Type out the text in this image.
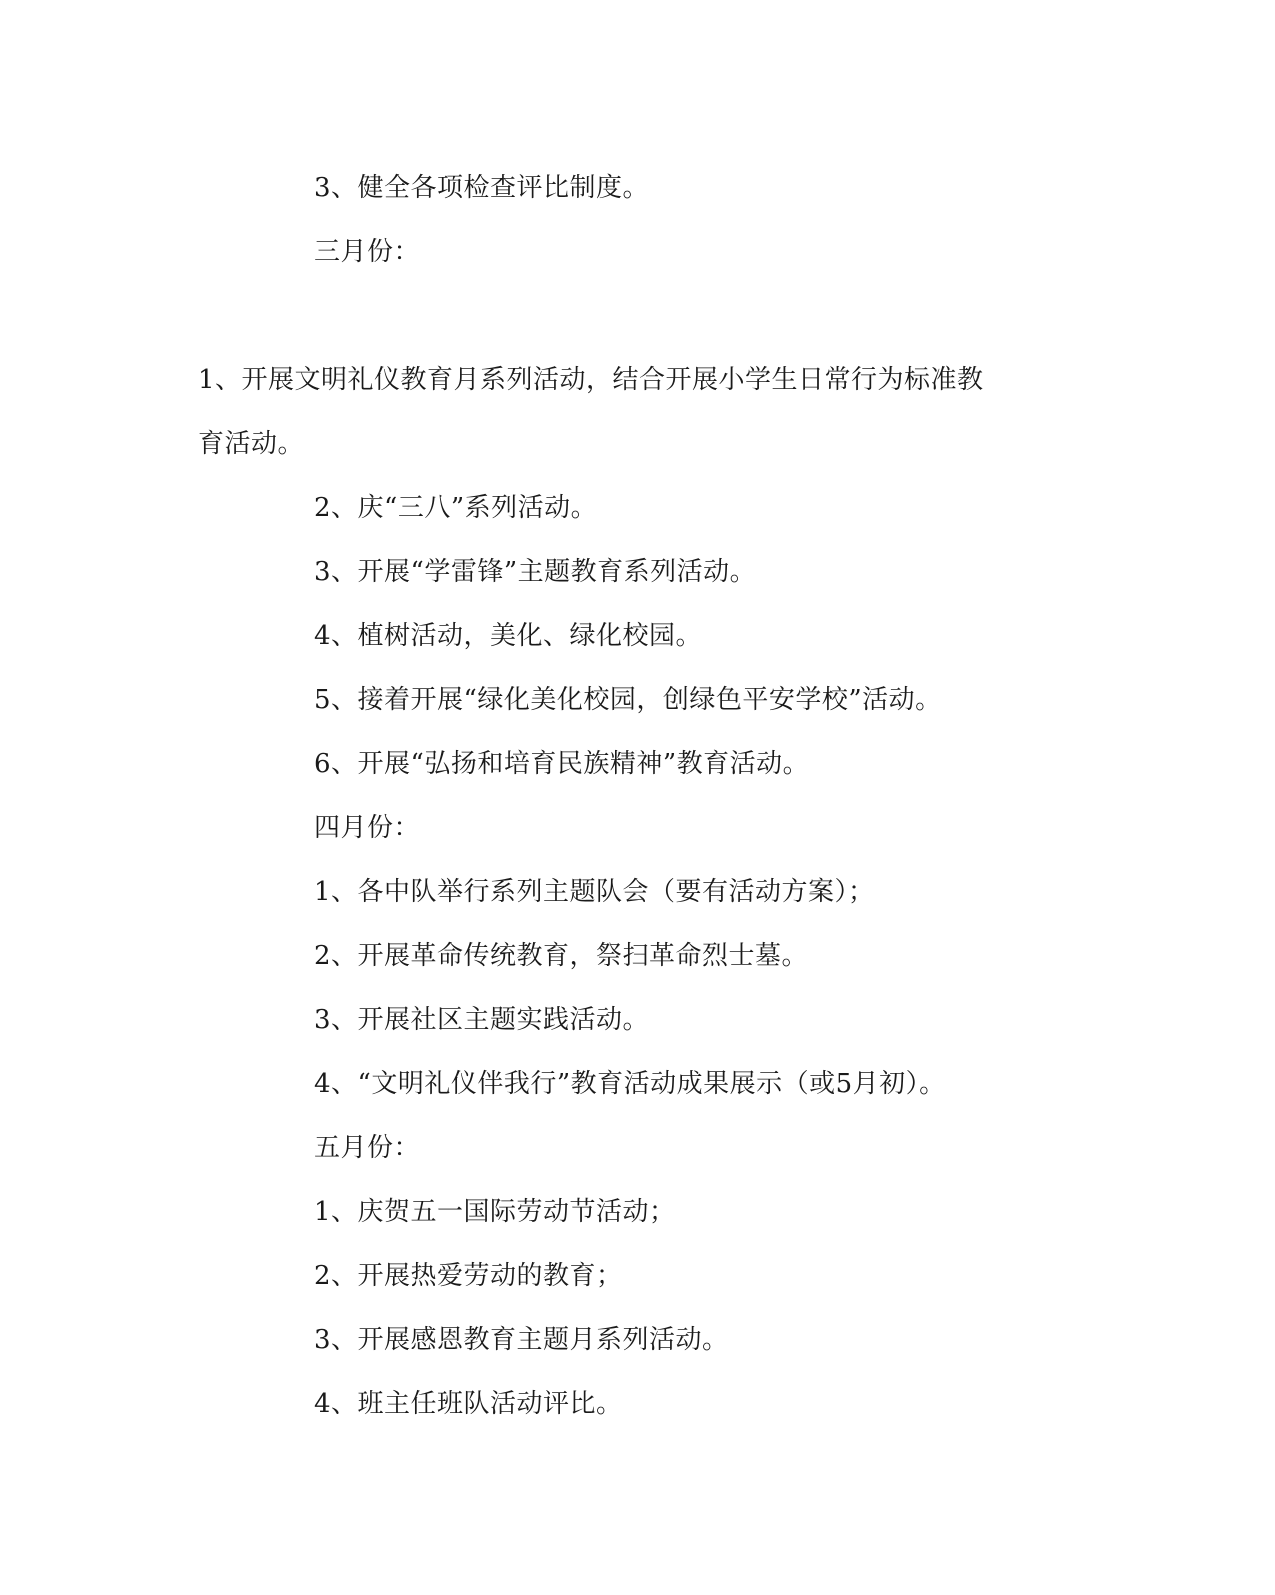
3、健全各项检查评比制度。
三月份：
1、开展文明礼仪教育月系列活动，结合开展小学生日常行为标准教
育活动。
2、庆“三八”系列活动。
3、开展“学雷锋”主题教育系列活动。
4、植树活动，美化、绿化校园。
5、接着开展“绿化美化校园，创绿色平安学校”活动。
6、开展“弘扬和培育民族精神”教育活动。
四月份：
1、各中队举行系列主题队会（要有活动方案）；
2、开展革命传统教育，祭扫革命烈士墓。
3、开展社区主题实践活动。
4、“文明礼仪伴我行”教育活动成果展示（或5月初）。
五月份：
1、庆贺五一国际劳动节活动；
2、开展热爱劳动的教育；
3、开展感恩教育主题月系列活动。
4、班主任班队活动评比。
